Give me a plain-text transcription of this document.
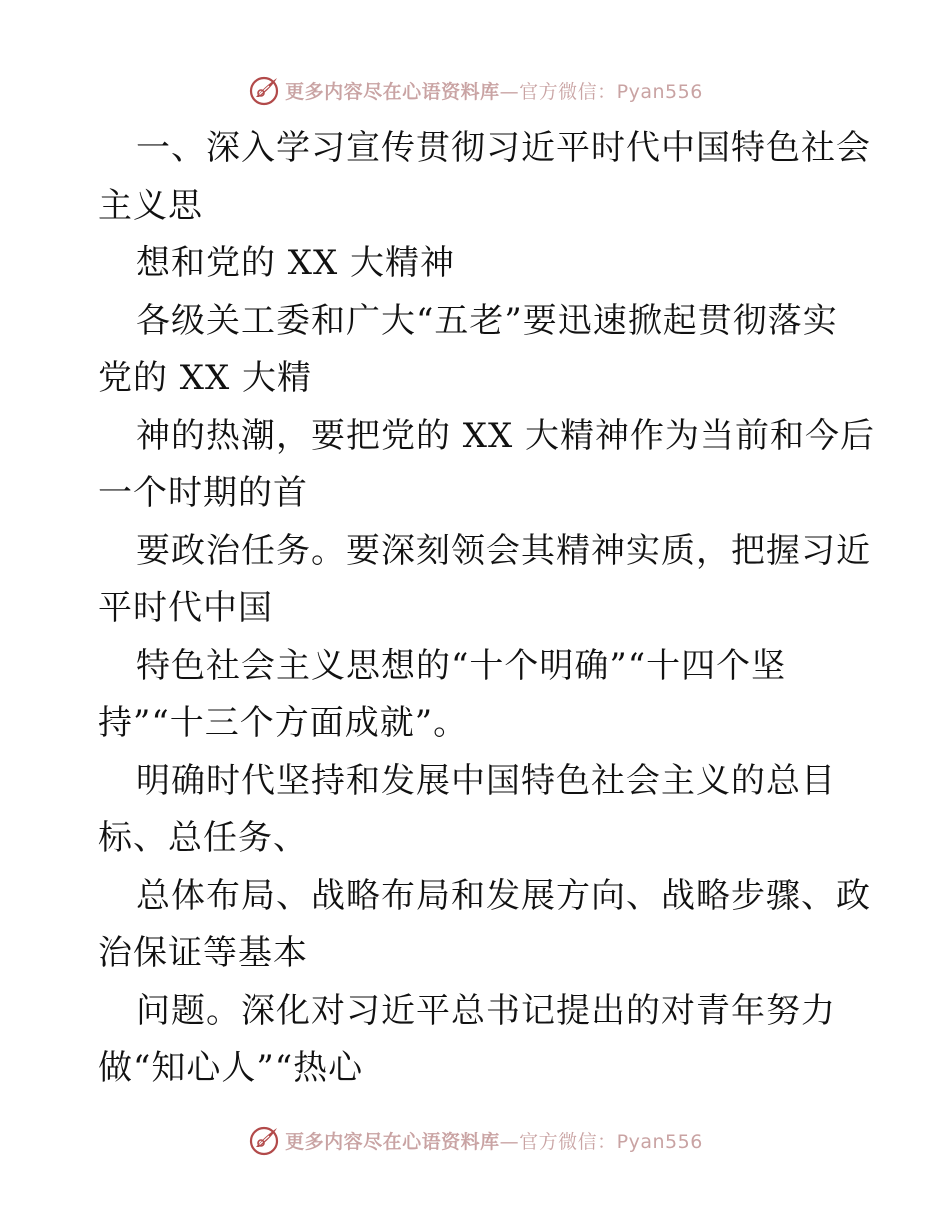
更多内容尽在心语资料库—官方微信：Pyan556
一、深入学习宣传贯彻习近平时代中国特色社会
主义思
想和党的 XX 大精神
各级关工委和广大“五老”要迅速掀起贯彻落实
党的 XX 大精
神的热潮，要把党的 XX 大精神作为当前和今后
一个时期的首
要政治任务。要深刻领会其精神实质，把握习近
平时代中国
特色社会主义思想的“十个明确”“十四个坚
持”“十三个方面成就”。
明确时代坚持和发展中国特色社会主义的总目
标、总任务、
总体布局、战略布局和发展方向、战略步骤、政
治保证等基本
问题。深化对习近平总书记提出的对青年努力
做“知心人”“热心
更多内容尽在心语资料库—官方微信：Pyan556
